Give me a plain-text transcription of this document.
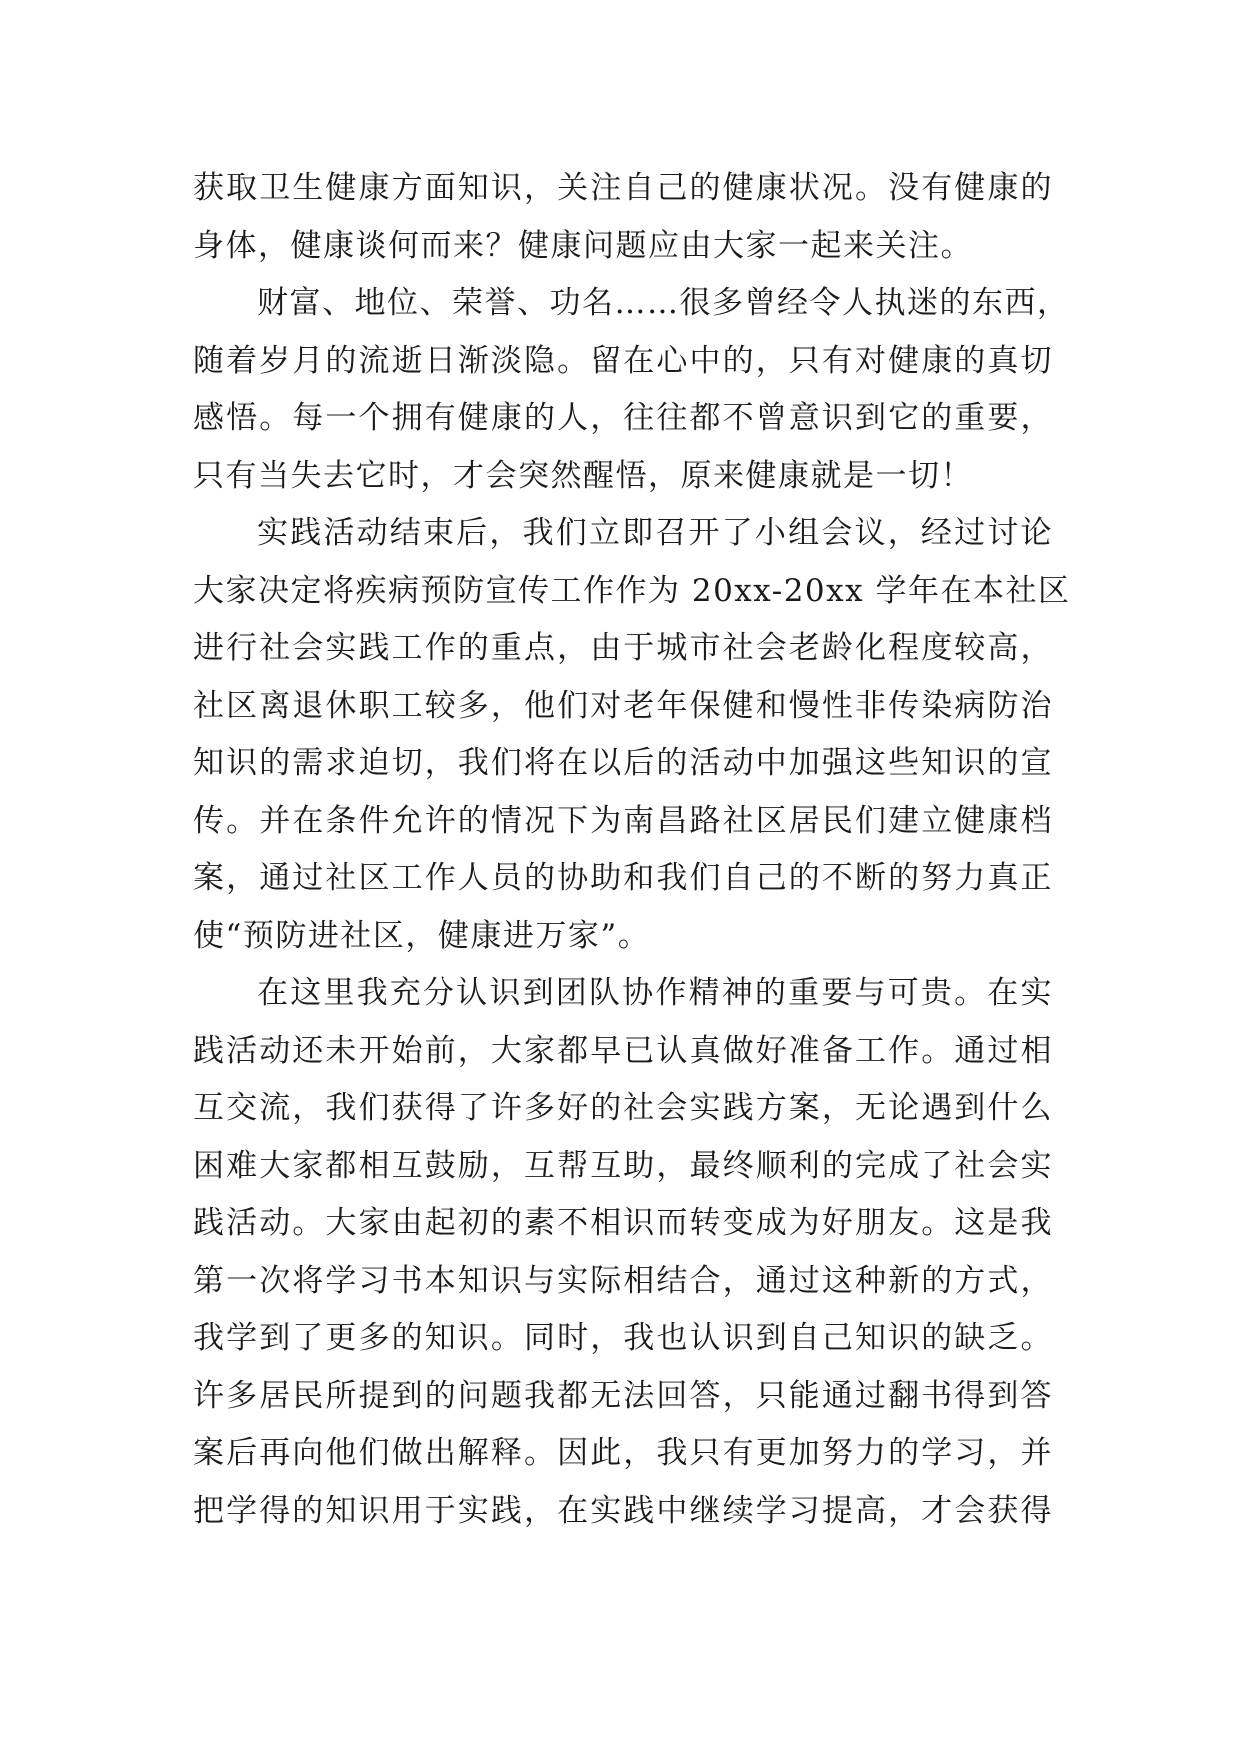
获取卫生健康方面知识，关注自己的健康状况。没有健康的
身体，健康谈何而来？健康问题应由大家一起来关注。
财富、地位、荣誉、功名……很多曾经令人执迷的东西，
随着岁月的流逝日渐淡隐。留在心中的，只有对健康的真切
感悟。每一个拥有健康的人，往往都不曾意识到它的重要，
只有当失去它时，才会突然醒悟，原来健康就是一切！
实践活动结束后，我们立即召开了小组会议，经过讨论
大家决定将疾病预防宣传工作作为 20xx-20xx 学年在本社区
进行社会实践工作的重点，由于城市社会老龄化程度较高，
社区离退休职工较多，他们对老年保健和慢性非传染病防治
知识的需求迫切，我们将在以后的活动中加强这些知识的宣
传。并在条件允许的情况下为南昌路社区居民们建立健康档
案，通过社区工作人员的协助和我们自己的不断的努力真正
使“预防进社区，健康进万家”。
在这里我充分认识到团队协作精神的重要与可贵。在实
践活动还未开始前，大家都早已认真做好准备工作。通过相
互交流，我们获得了许多好的社会实践方案，无论遇到什么
困难大家都相互鼓励，互帮互助，最终顺利的完成了社会实
践活动。大家由起初的素不相识而转变成为好朋友。这是我
第一次将学习书本知识与实际相结合，通过这种新的方式，
我学到了更多的知识。同时，我也认识到自己知识的缺乏。
许多居民所提到的问题我都无法回答，只能通过翻书得到答
案后再向他们做出解释。因此，我只有更加努力的学习，并
把学得的知识用于实践，在实践中继续学习提高，才会获得
